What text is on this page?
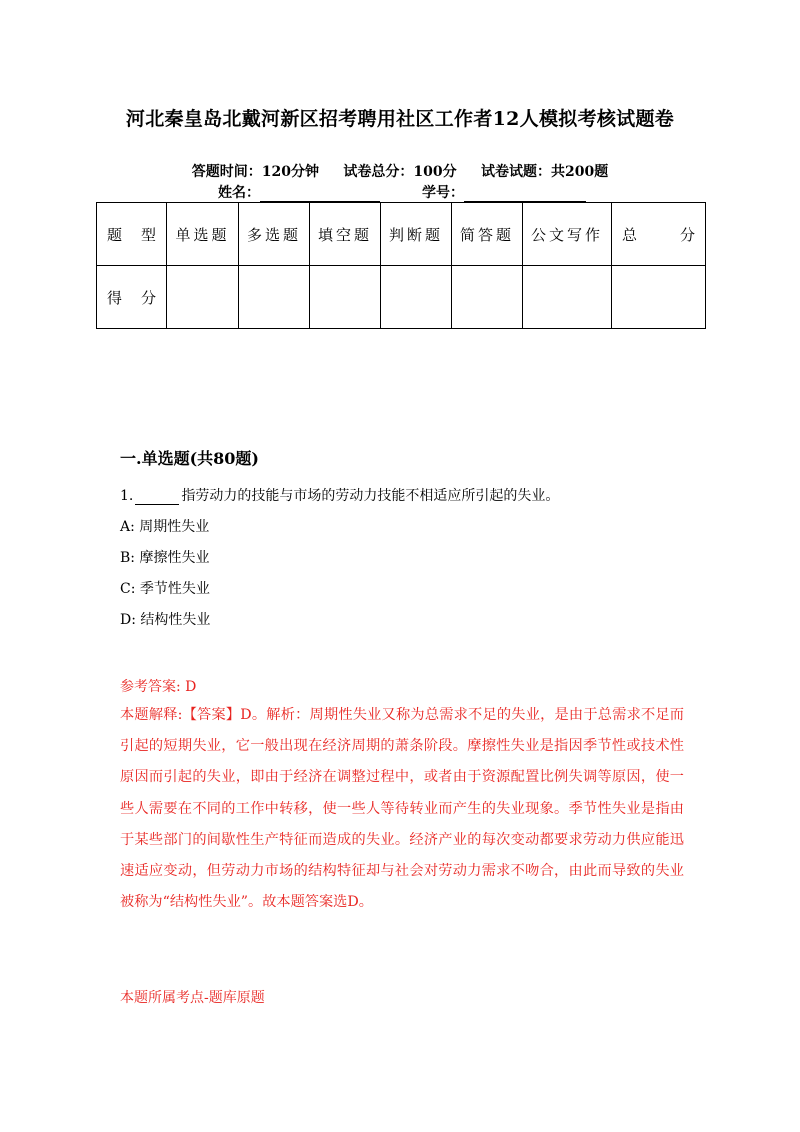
河北秦皇岛北戴河新区招考聘用社区工作者12人模拟考核试题卷
答题时间：120分钟     试卷总分：100分     试卷试题：共200题
姓名：	学号：
题　型	单选题	多选题	填空题	判断题	简答题	公文写作	总　分
得　分							
一.单选题(共80题)
1.	指劳动力的技能与市场的劳动力技能不相适应所引起的失业。
A: 周期性失业
B: 摩擦性失业
C: 季节性失业
D: 结构性失业
参考答案: D
本题解释:【答案】D。解析：周期性失业又称为总需求不足的失业，是由于总需求不足而引起的短期失业，它一般出现在经济周期的萧条阶段。摩擦性失业是指因季节性或技术性原因而引起的失业，即由于经济在调整过程中，或者由于资源配置比例失调等原因，使一些人需要在不同的工作中转移，使一些人等待转业而产生的失业现象。季节性失业是指由于某些部门的间歇性生产特征而造成的失业。经济产业的每次变动都要求劳动力供应能迅速适应变动，但劳动力市场的结构特征却与社会对劳动力需求不吻合，由此而导致的失业被称为“结构性失业”。故本题答案选D。
本题所属考点-题库原题
